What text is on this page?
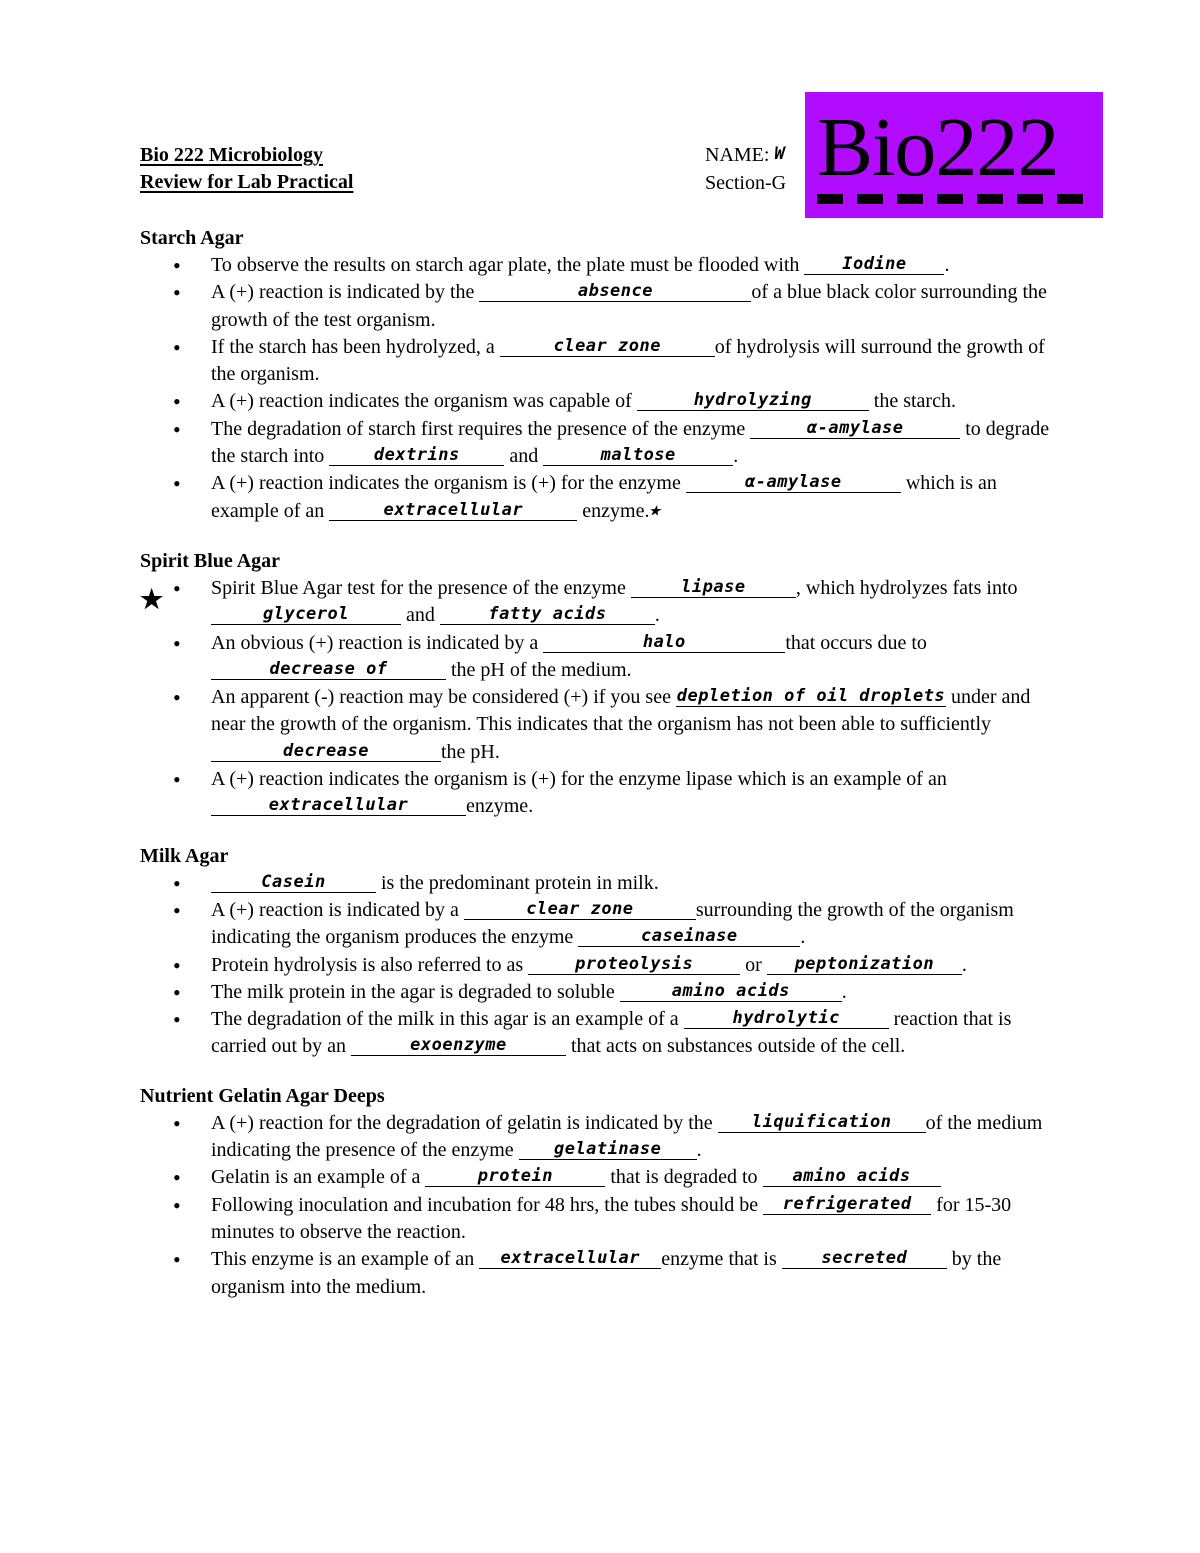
Bio 222 Microbiology
Review for Lab Practical
NAME: W
Section-G Bio222
Starch Agar
• To observe the results on starch agar plate, the plate must be flooded with Iodine .
• A (+) reaction is indicated by the	absence	of a blue black color surrounding the growth of the test organism.
• If the starch has been hydrolyzed, a	clear zone	of hydrolysis will surround the growth of the organism.
• A (+) reaction indicates the organism was capable of	hydrolyzing	the starch.
• The degradation of starch first requires the presence of the enzyme	α-amylase	to degrade the starch into	dextrins and	maltose	.
• A (+) reaction indicates the organism is (+) for the enzyme	α-amylase	which is an example of an	extracellular	enzyme.★
Spirit Blue Agar
★
•	Spirit Blue Agar test for the presence of the enzyme	lipase	, which hydrolyzes fats into glycerol	and	fatty acids .
• An obvious (+) reaction is indicated by a	halo	that occurs due to decrease of	the pH of the medium.
• An apparent (-) reaction may be considered (+) if you see depletion of oil droplets under and near the growth of the organism. This indicates that the organism has not been able to sufficiently decrease	the pH.
• A (+) reaction indicates the organism is (+) for the enzyme lipase which is an example of an extracellular	enzyme.
Milk Agar
• Casein	is the predominant protein in milk.
• A (+) reaction is indicated by a	clear zone	surrounding the growth of the organism indicating the organism produces the enzyme	caseinase	.
• Protein hydrolysis is also referred to as	proteolysis or peptonization .
• The milk protein in the agar is degraded to soluble	amino acids	.
• The degradation of the milk in this agar is an example of a	hydrolytic reaction that is carried out by an	exoenzyme	that acts on substances outside of the cell.
Nutrient Gelatin Agar Deeps
• A (+) reaction for the degradation of gelatin is indicated by the liquification of the medium indicating the presence of the enzyme gelatinase .
• Gelatin is an example of a	protein	that is degraded to amino acids
• Following inoculation and incubation for 48 hrs, the tubes should be refrigerated for 15-30 minutes to observe the reaction.
• This enzyme is an example of an extracellular enzyme that is secreted by the organism into the medium.
